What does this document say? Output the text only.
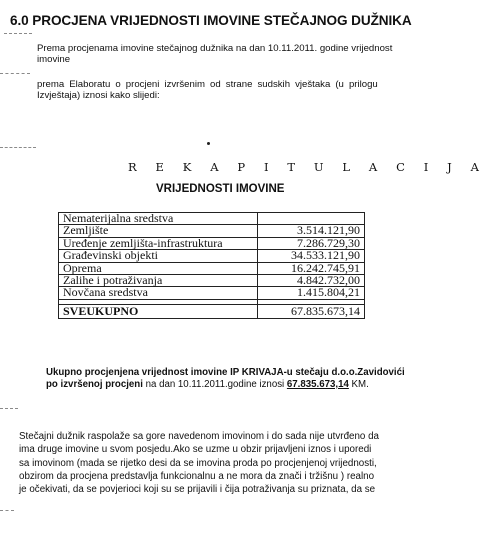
6.0 PROCJENA VRIJEDNOSTI IMOVINE STEČAJNOG DUŽNIKA
Prema procjenama imovine stečajnog dužnika na dan 10.11.2011. godine vrijednost
imovine
prema Elaboratu o procjeni izvršenim od strane sudskih vještaka (u prilogu
Izvještaja) iznosi kako slijedi:
R E K A P I T U L A C I J A
VRIJEDNOSTI IMOVINE
Nematerijalna sredstva	
Zemljište	3.514.121,90
Uređenje zemljišta-infrastruktura	7.286.729,30
Građevinski objekti	34.533.121,90
Oprema	16.242.745,91
Zalihe i potraživanja	4.842.732,00
Novčana sredstva	1.415.804,21

SVEUKUPNO	67.835.673,14
Ukupno procjenjena vrijednost imovine IP KRIVAJA-u stečaju d.o.o.Zavidovići
po izvršenoj procjeni na dan 10.11.2011.godine iznosi 67.835.673,14 KM.
Stečajni dužnik raspolaže sa gore navedenom imovinom i do sada nije utvrđeno da
ima druge imovine u svom posjedu.Ako se uzme u obzir prijavljeni iznos i uporedi
sa imovinom (mada se rijetko desi da se imovina proda po procjenjenoj vrijednosti,
obzirom da procjena predstavlja funkcionalnu a ne mora da znači i tržišnu ) realno
je očekivati, da se povjerioci koji su se prijavili i čija potraživanja su priznata, da se
